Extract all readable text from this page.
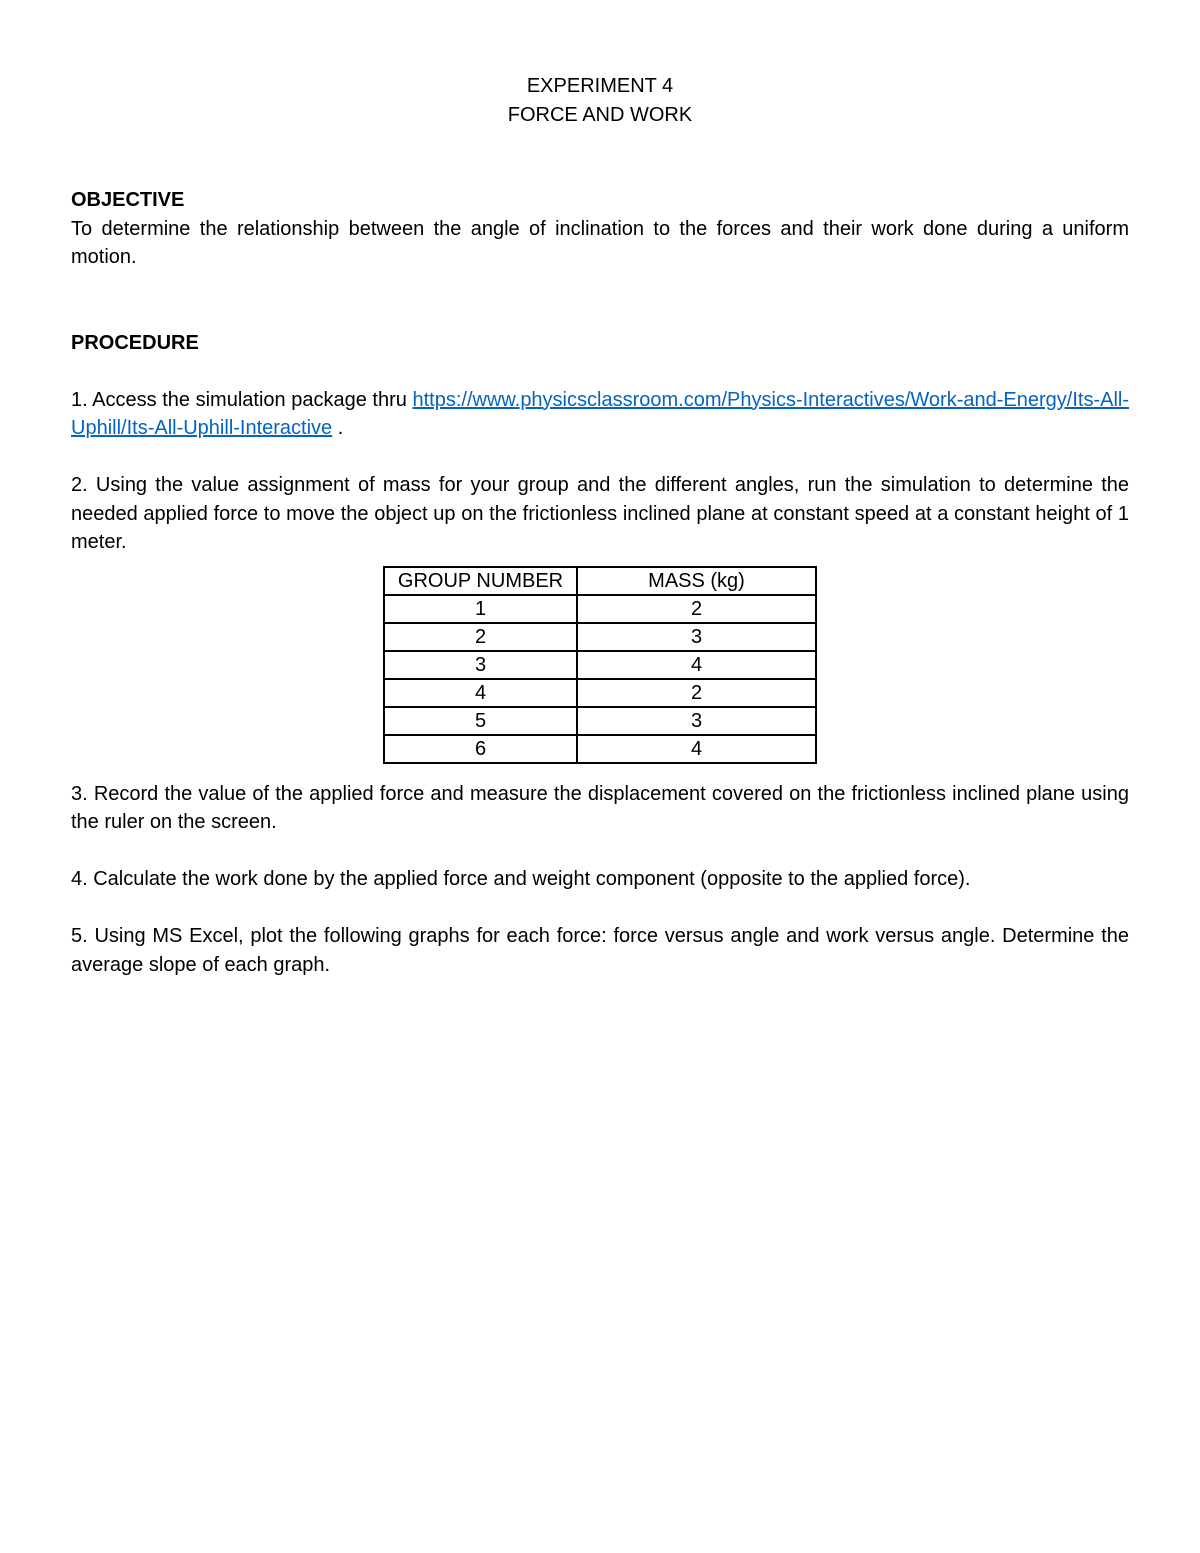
EXPERIMENT 4
FORCE AND WORK
OBJECTIVE

To determine the relationship between the angle of inclination to the forces and their work done during a uniform motion.

PROCEDURE

1. Access the simulation package thru https://www.physicsclassroom.com/Physics-Interactives/Work-and-Energy/Its-All-Uphill/Its-All-Uphill-Interactive .

2. Using the value assignment of mass for your group and the different angles, run the simulation to determine the needed applied force to move the object up on the frictionless inclined plane at constant speed at a constant height of 1 meter.

GROUP NUMBER	MASS (kg)
1	2
2	3
3	4
4	2
5	3
6	4

3. Record the value of the applied force and measure the displacement covered on the frictionless inclined plane using the ruler on the screen.

4. Calculate the work done by the applied force and weight component (opposite to the applied force).

5. Using MS Excel, plot the following graphs for each force: force versus angle and work versus angle. Determine the average slope of each graph.
